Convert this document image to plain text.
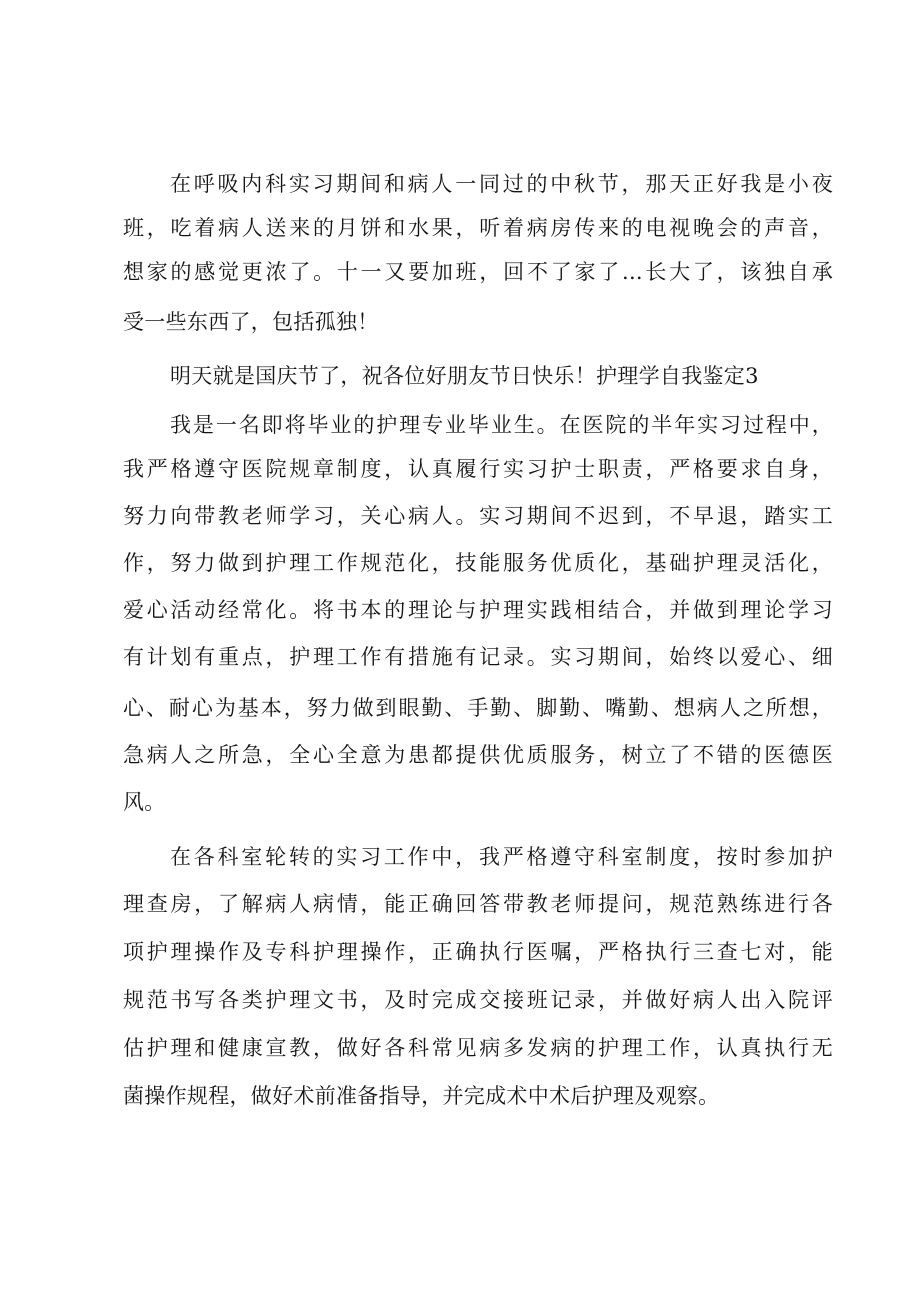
在呼吸内科实习期间和病人一同过的中秋节，那天正好我是小夜
班，吃着病人送来的月饼和水果，听着病房传来的电视晚会的声音，
想家的感觉更浓了。十一又要加班，回不了家了...长大了，该独自承
受一些东西了，包括孤独！
明天就是国庆节了，祝各位好朋友节日快乐！护理学自我鉴定3
我是一名即将毕业的护理专业毕业生。在医院的半年实习过程中，
我严格遵守医院规章制度，认真履行实习护士职责，严格要求自身，
努力向带教老师学习，关心病人。实习期间不迟到，不早退，踏实工
作，努力做到护理工作规范化，技能服务优质化，基础护理灵活化，
爱心活动经常化。将书本的理论与护理实践相结合，并做到理论学习
有计划有重点，护理工作有措施有记录。实习期间，始终以爱心、细
心、耐心为基本，努力做到眼勤、手勤、脚勤、嘴勤、想病人之所想，
急病人之所急，全心全意为患都提供优质服务，树立了不错的医德医
风。
在各科室轮转的实习工作中，我严格遵守科室制度，按时参加护
理查房，了解病人病情，能正确回答带教老师提问，规范熟练进行各
项护理操作及专科护理操作，正确执行医嘱，严格执行三查七对，能
规范书写各类护理文书，及时完成交接班记录，并做好病人出入院评
估护理和健康宣教，做好各科常见病多发病的护理工作，认真执行无
菌操作规程，做好术前准备指导，并完成术中术后护理及观察。
